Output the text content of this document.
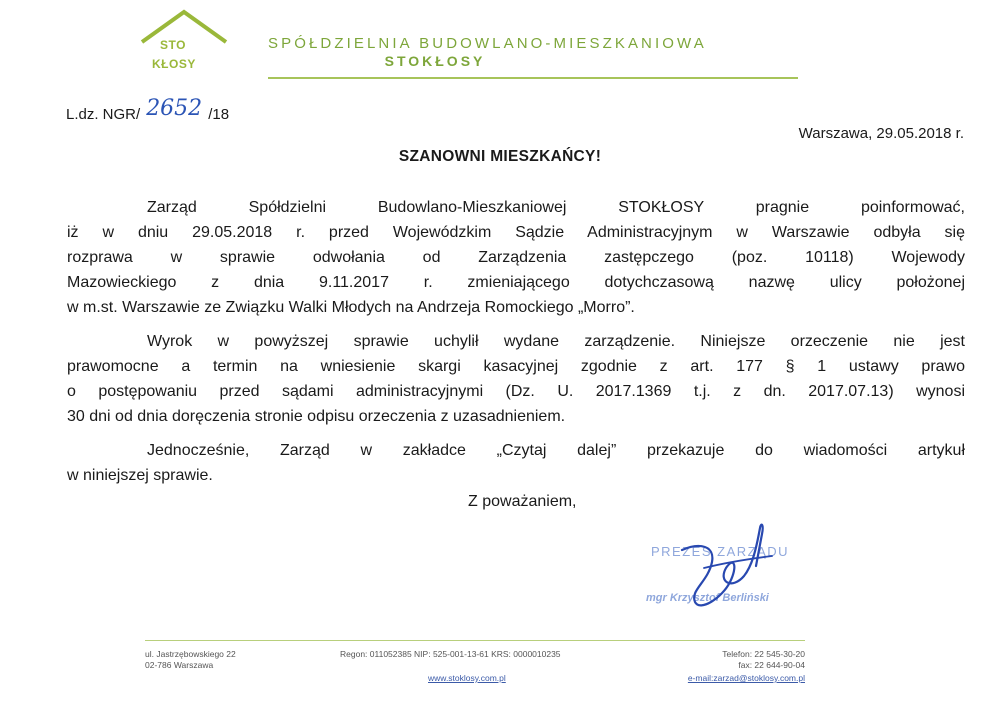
STO
KŁOSY
SPÓŁDZIELNIA BUDOWLANO-MIESZKANIOWA
STOKŁOSY
L.dz. NGR/ 2652 /18
Warszawa, 29.05.2018 r.
SZANOWNI MIESZKAŃCY!
Zarząd Spółdzielni Budowlano-Mieszkaniowej STOKŁOSY pragnie poinformować,
iż w dniu 29.05.2018 r. przed Wojewódzkim Sądzie Administracyjnym w Warszawie odbyła się
rozprawa w sprawie odwołania od Zarządzenia zastępczego (poz. 10118) Wojewody
Mazowieckiego z dnia 9.11.2017 r. zmieniającego dotychczasową nazwę ulicy położonej
w m.st. Warszawie ze Związku Walki Młodych na Andrzeja Romockiego „Morro”.
Wyrok w powyższej sprawie uchylił wydane zarządzenie. Niniejsze orzeczenie nie jest
prawomocne a termin na wniesienie skargi kasacyjnej zgodnie z art. 177 § 1 ustawy prawo
o postępowaniu przed sądami administracyjnymi (Dz. U. 2017.1369 t.j. z dn. 2017.07.13) wynosi
30 dni od dnia doręczenia stronie odpisu orzeczenia z uzasadnieniem.
Jednocześnie, Zarząd w zakładce „Czytaj dalej” przekazuje do wiadomości artykuł
w niniejszej sprawie.
Z poważaniem,
PREZES ZARZĄDU
mgr Krzysztof Berliński
ul. Jastrzębowskiego 22
02-786 Warszawa
Regon: 011052385 NIP: 525-001-13-61 KRS: 0000010235
www.stoklosy.com.pl
Telefon: 22 545-30-20
fax: 22 644-90-04
e-mail:zarzad@stoklosy.com.pl
